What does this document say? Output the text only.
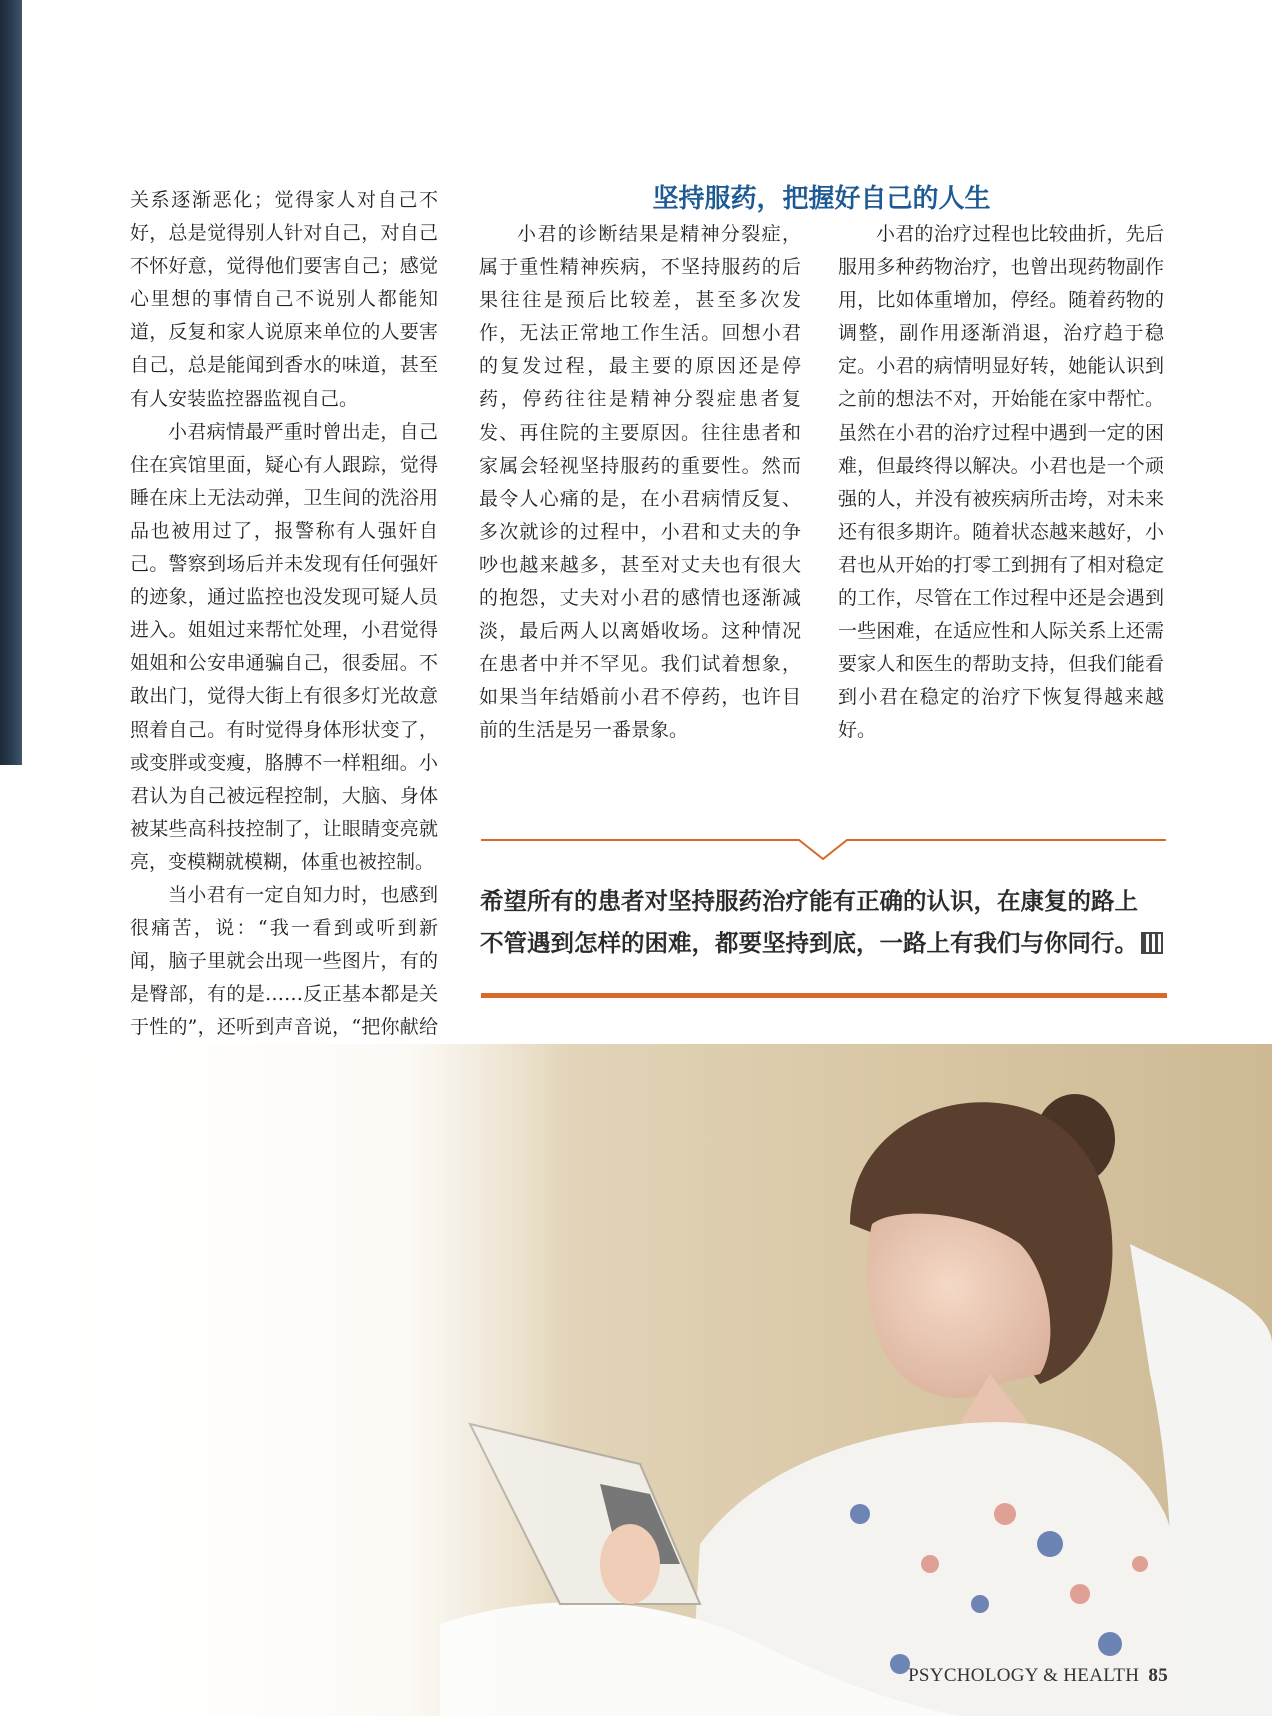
关系逐渐恶化；觉得家人对自己不好，总是觉得别人针对自己，对自己不怀好意，觉得他们要害自己；感觉心里想的事情自己不说别人都能知道，反复和家人说原来单位的人要害自己，总是能闻到香水的味道，甚至有人安装监控器监视自己。

小君病情最严重时曾出走，自己住在宾馆里面，疑心有人跟踪，觉得睡在床上无法动弹，卫生间的洗浴用品也被用过了，报警称有人强奸自己。警察到场后并未发现有任何强奸的迹象，通过监控也没发现可疑人员进入。姐姐过来帮忙处理，小君觉得姐姐和公安串通骗自己，很委屈。不敢出门，觉得大街上有很多灯光故意照着自己。有时觉得身体形状变了，或变胖或变瘦，胳膊不一样粗细。小君认为自己被远程控制，大脑、身体被某些高科技控制了，让眼睛变亮就亮，变模糊就模糊，体重也被控制。

当小君有一定自知力时，也感到很痛苦，说：“我一看到或听到新闻，脑子里就会出现一些图片，有的是臀部，有的是……反正基本都是关于性的”，还听到声音说，“把你献给

坚持服药，把握好自己的人生

小君的诊断结果是精神分裂症，属于重性精神疾病，不坚持服药的后果往往是预后比较差，甚至多次发作，无法正常地工作生活。回想小君的复发过程，最主要的原因还是停药，停药往往是精神分裂症患者复发、再住院的主要原因。往往患者和家属会轻视坚持服药的重要性。然而最令人心痛的是，在小君病情反复、多次就诊的过程中，小君和丈夫的争吵也越来越多，甚至对丈夫也有很大的抱怨，丈夫对小君的感情也逐渐减淡，最后两人以离婚收场。这种情况在患者中并不罕见。我们试着想象，如果当年结婚前小君不停药，也许目前的生活是另一番景象。

小君的治疗过程也比较曲折，先后服用多种药物治疗，也曾出现药物副作用，比如体重增加，停经。随着药物的调整，副作用逐渐消退，治疗趋于稳定。小君的病情明显好转，她能认识到之前的想法不对，开始能在家中帮忙。虽然在小君的治疗过程中遇到一定的困难，但最终得以解决。小君也是一个顽强的人，并没有被疾病所击垮，对未来还有很多期许。随着状态越来越好，小君也从开始的打零工到拥有了相对稳定的工作，尽管在工作过程中还是会遇到一些困难，在适应性和人际关系上还需要家人和医生的帮助支持，但我们能看到小君在稳定的治疗下恢复得越来越好。

希望所有的患者对坚持服药治疗能有正确的认识，在康复的路上

不管遇到怎样的困难，都要坚持到底，一路上有我们与你同行。

PSYCHOLOGY & HEALTH 85
